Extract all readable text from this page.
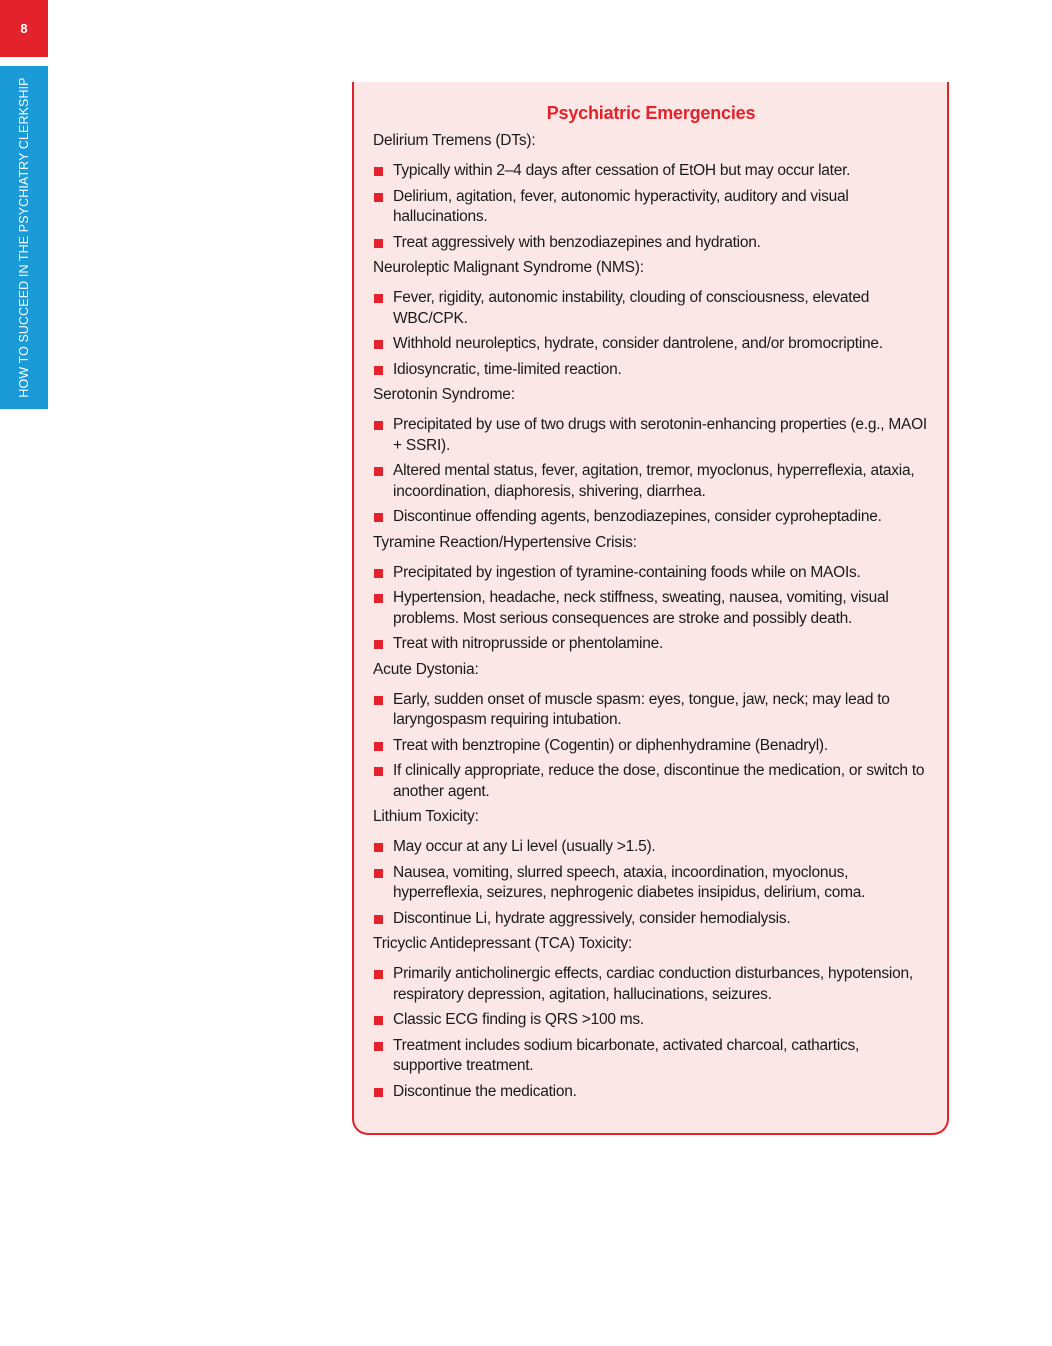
8
HOW TO SUCCEED IN THE PSYCHIATRY CLERKSHIP	Psychiatric Emergencies
Delirium Tremens (DTs):
Typically within 2–4 days after cessation of EtOH but may occur later.
Delirium, agitation, fever, autonomic hyperactivity, auditory and visual hallucinations.
Treat aggressively with benzodiazepines and hydration.
Neuroleptic Malignant Syndrome (NMS):
Fever, rigidity, autonomic instability, clouding of consciousness, elevated WBC/CPK.
Withhold neuroleptics, hydrate, consider dantrolene, and/or bromocriptine.
Idiosyncratic, time-limited reaction.
Serotonin Syndrome:
Precipitated by use of two drugs with serotonin-enhancing properties (e.g., MAOI + SSRI).
Altered mental status, fever, agitation, tremor, myoclonus, hyperreflexia, ataxia, incoordination, diaphoresis, shivering, diarrhea.
Discontinue offending agents, benzodiazepines, consider cyproheptadine.
Tyramine Reaction/Hypertensive Crisis:
Precipitated by ingestion of tyramine-containing foods while on MAOIs.
Hypertension, headache, neck stiffness, sweating, nausea, vomiting, visual problems. Most serious consequences are stroke and possibly death.
Treat with nitroprusside or phentolamine.
Acute Dystonia:
Early, sudden onset of muscle spasm: eyes, tongue, jaw, neck; may lead to laryngospasm requiring intubation.
Treat with benztropine (Cogentin) or diphenhydramine (Benadryl).
If clinically appropriate, reduce the dose, discontinue the medication, or switch to another agent.
Lithium Toxicity:
May occur at any Li level (usually >1.5).
Nausea, vomiting, slurred speech, ataxia, incoordination, myoclonus, hyperreflexia, seizures, nephrogenic diabetes insipidus, delirium, coma.
Discontinue Li, hydrate aggressively, consider hemodialysis.
Tricyclic Antidepressant (TCA) Toxicity:
Primarily anticholinergic effects, cardiac conduction disturbances, hypotension, respiratory depression, agitation, hallucinations, seizures.
Classic ECG finding is QRS >100 ms.
Treatment includes sodium bicarbonate, activated charcoal, cathartics, supportive treatment.
Discontinue the medication.
